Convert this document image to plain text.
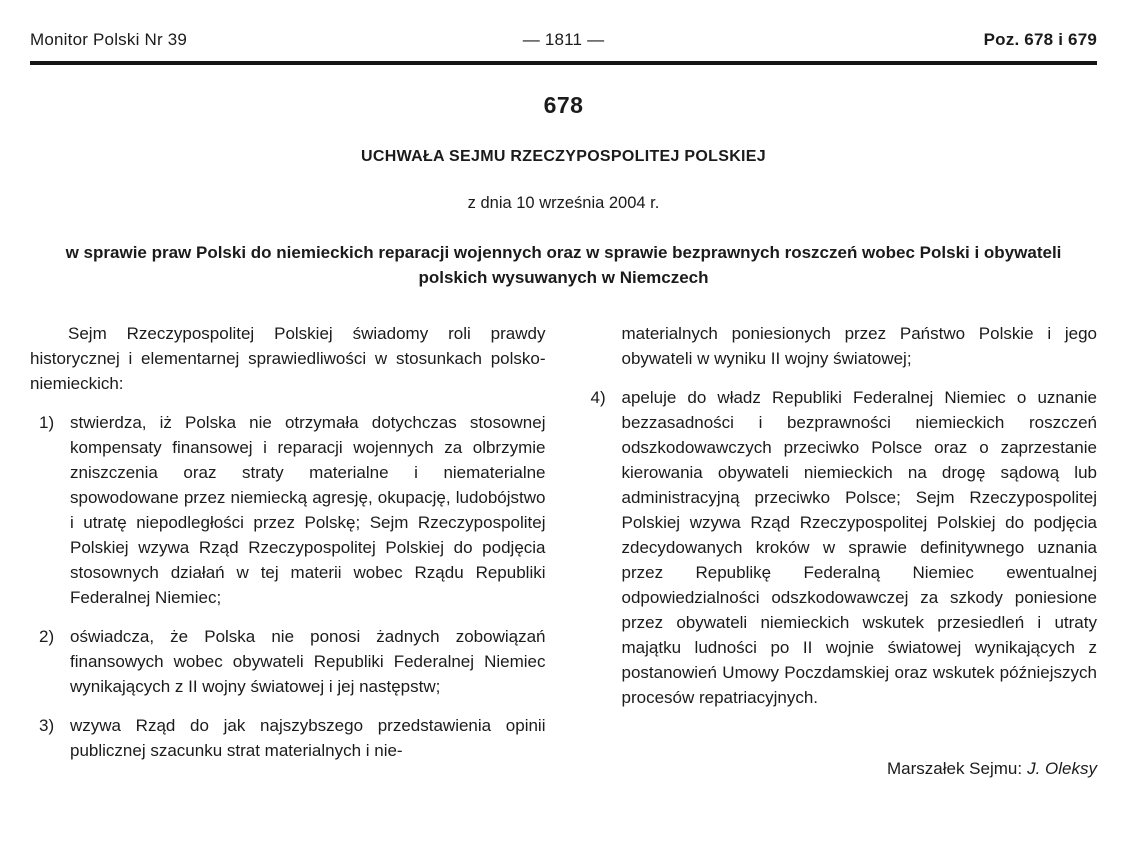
Monitor Polski Nr 39	— 1811 —	Poz. 678 i 679
678
UCHWAŁA SEJMU RZECZYPOSPOLITEJ POLSKIEJ
z dnia 10 września 2004 r.
w sprawie praw Polski do niemieckich reparacji wojennych oraz w sprawie bezprawnych roszczeń wobec Polski i obywateli polskich wysuwanych w Niemczech

Sejm Rzeczypospolitej Polskiej świadomy roli prawdy historycznej i elementarnej sprawiedliwości w stosunkach polsko-niemieckich:

1) stwierdza, iż Polska nie otrzymała dotychczas stosownej kompensaty finansowej i reparacji wojennych za olbrzymie zniszczenia oraz straty materialne i niematerialne spowodowane przez niemiecką agresję, okupację, ludobójstwo i utratę niepodległości przez Polskę; Sejm Rzeczypospolitej Polskiej wzywa Rząd Rzeczypospolitej Polskiej do podjęcia stosownych działań w tej materii wobec Rządu Republiki Federalnej Niemiec;
2) oświadcza, że Polska nie ponosi żadnych zobowiązań finansowych wobec obywateli Republiki Federalnej Niemiec wynikających z II wojny światowej i jej następstw;
3) wzywa Rząd do jak najszybszego przedstawienia opinii publicznej szacunku strat materialnych i nie-

materialnych poniesionych przez Państwo Polskie i jego obywateli w wyniku II wojny światowej;

4) apeluje do władz Republiki Federalnej Niemiec o uznanie bezzasadności i bezprawności niemieckich roszczeń odszkodowawczych przeciwko Polsce oraz o zaprzestanie kierowania obywateli niemieckich na drogę sądową lub administracyjną przeciwko Polsce; Sejm Rzeczypospolitej Polskiej wzywa Rząd Rzeczypospolitej Polskiej do podjęcia zdecydowanych kroków w sprawie definitywnego uznania przez Republikę Federalną Niemiec ewentualnej odpowiedzialności odszkodowawczej za szkody poniesione przez obywateli niemieckich wskutek przesiedleń i utraty majątku ludności po II wojnie światowej wynikających z postanowień Umowy Poczdamskiej oraz wskutek późniejszych procesów repatriacyjnych.
Marszałek Sejmu: J. Oleksy
